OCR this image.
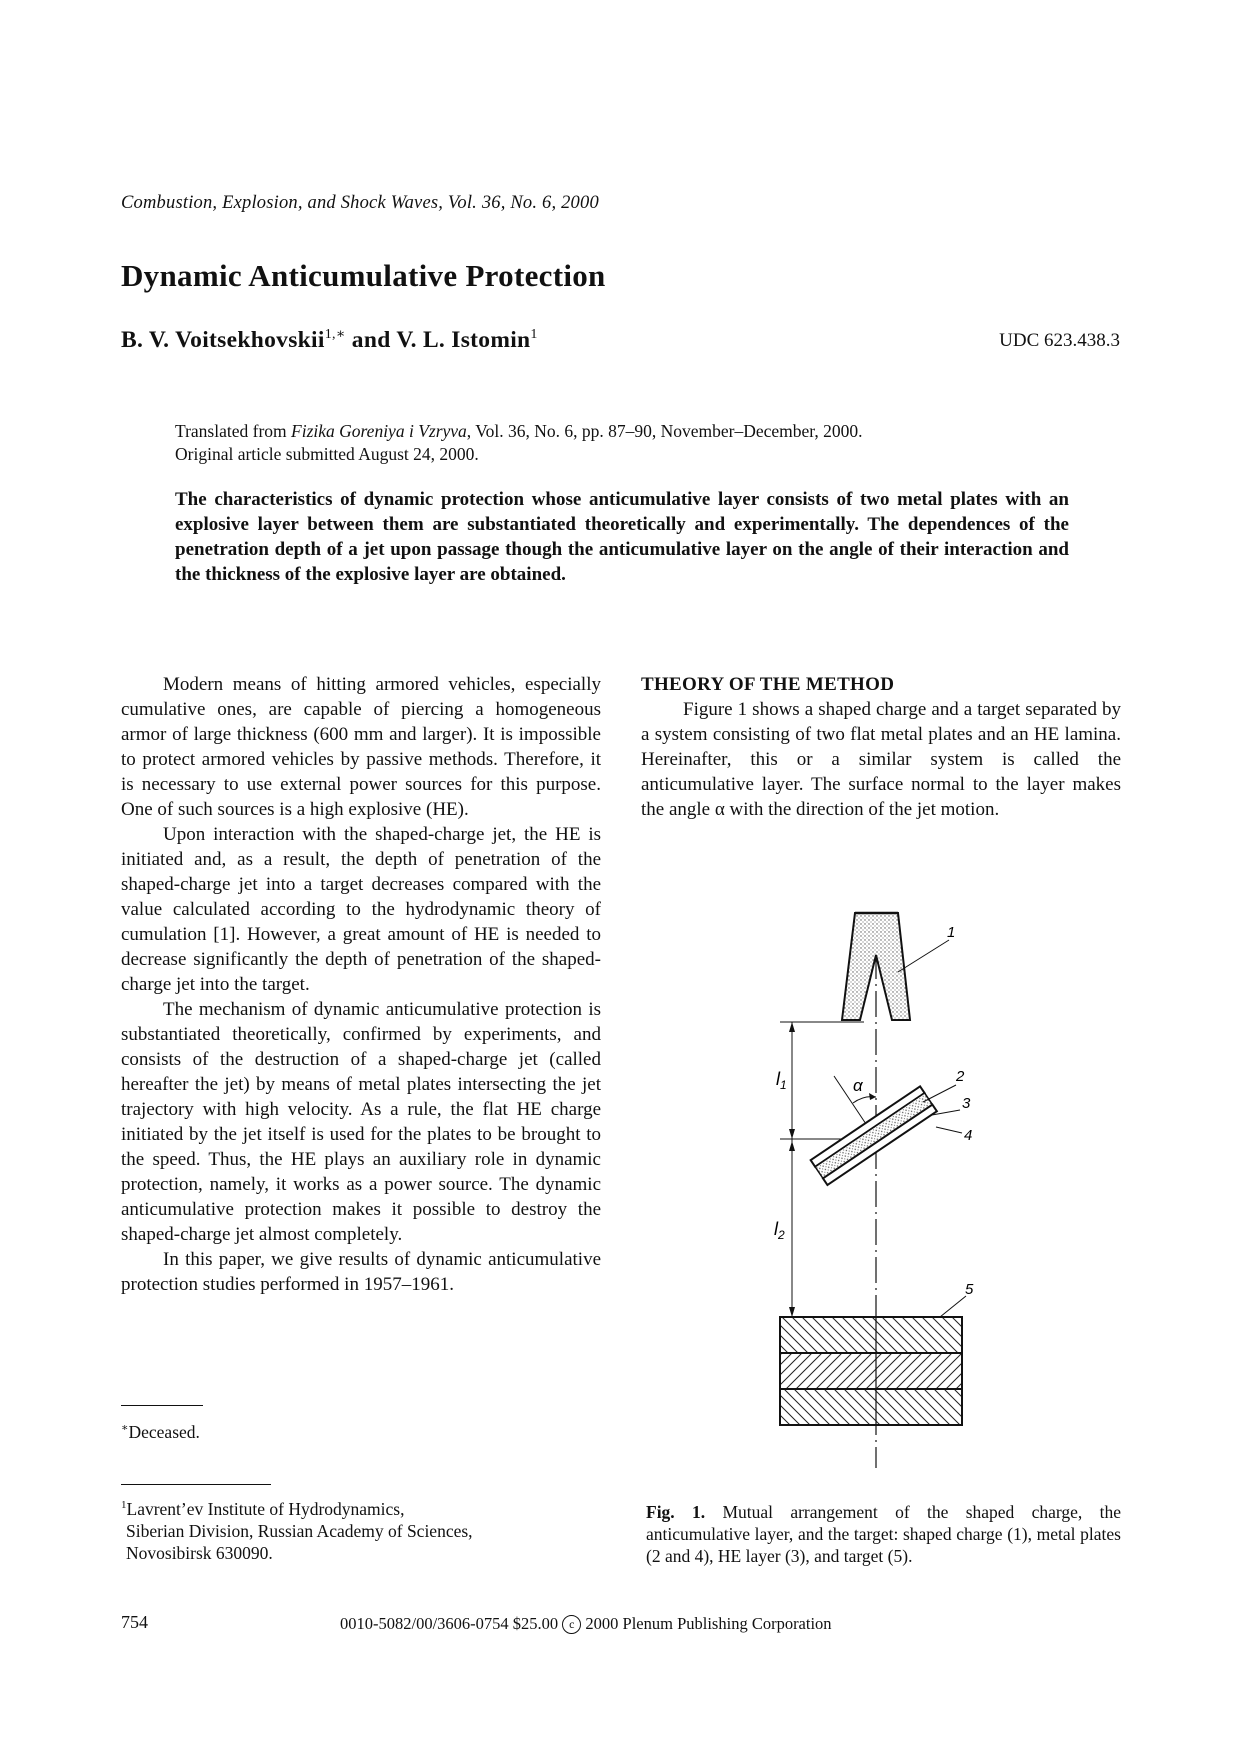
Combustion, Explosion, and Shock Waves, Vol. 36, No. 6, 2000
Dynamic Anticumulative Protection
B. V. Voitsekhovskii$^{1,∗}$ and V. L. Istomin$^1$	UDC 623.438.3
Translated from Fizika Goreniya i Vzryva, Vol. 36, No. 6, pp. 87–90, November–December, 2000.
Original article submitted August 24, 2000.
The characteristics of dynamic protection whose anticumulative layer consists of two metal plates with an explosive layer between them are substantiated theoretically and experimentally. The dependences of the penetration depth of a jet upon passage though the anticumulative layer on the angle of their interaction and the thickness of the explosive layer are obtained.

Modern means of hitting armored vehicles, especially cumulative ones, are capable of piercing a homogeneous armor of large thickness (600 mm and larger). It is impossible to protect armored vehicles by passive methods. Therefore, it is necessary to use external power sources for this purpose. One of such sources is a high explosive (HE).

Upon interaction with the shaped-charge jet, the HE is initiated and, as a result, the depth of penetration of the shaped-charge jet into a target decreases compared with the value calculated according to the hydrodynamic theory of cumulation [1]. However, a great amount of HE is needed to decrease significantly the depth of penetration of the shaped-charge jet into the target.

The mechanism of dynamic anticumulative protection is substantiated theoretically, confirmed by experiments, and consists of the destruction of a shaped-charge jet (called hereafter the jet) by means of metal plates intersecting the jet trajectory with high velocity. As a rule, the flat HE charge initiated by the jet itself is used for the plates to be brought to the speed. Thus, the HE plays an auxiliary role in dynamic protection, namely, it works as a power source. The dynamic anticumulative protection makes it possible to destroy the shaped-charge jet almost completely.

In this paper, we give results of dynamic anticumulative protection studies performed in 1957–1961.

∗Deceased.
$^1$Lavrent’ev Institute of Hydrodynamics,
Siberian Division, Russian Academy of Sciences,
Novosibirsk 630090.

THEORY OF THE METHOD

Figure 1 shows a shaped charge and a target separated by a system consisting of two flat metal plates and an HE lamina. Hereinafter, this or a similar system is called the anticumulative layer. The surface normal to the layer makes the angle α with the direction of the jet motion.

1
$l_1$
$l_2$
α	2
3
4
5
Fig. 1. Mutual arrangement of the shaped charge, the anticumulative layer, and the target: shaped charge (1), metal plates (2 and 4), HE layer (3), and target (5).
754	0010-5082/00/3606-0754 $25.00 c 2000 Plenum Publishing Corporation
